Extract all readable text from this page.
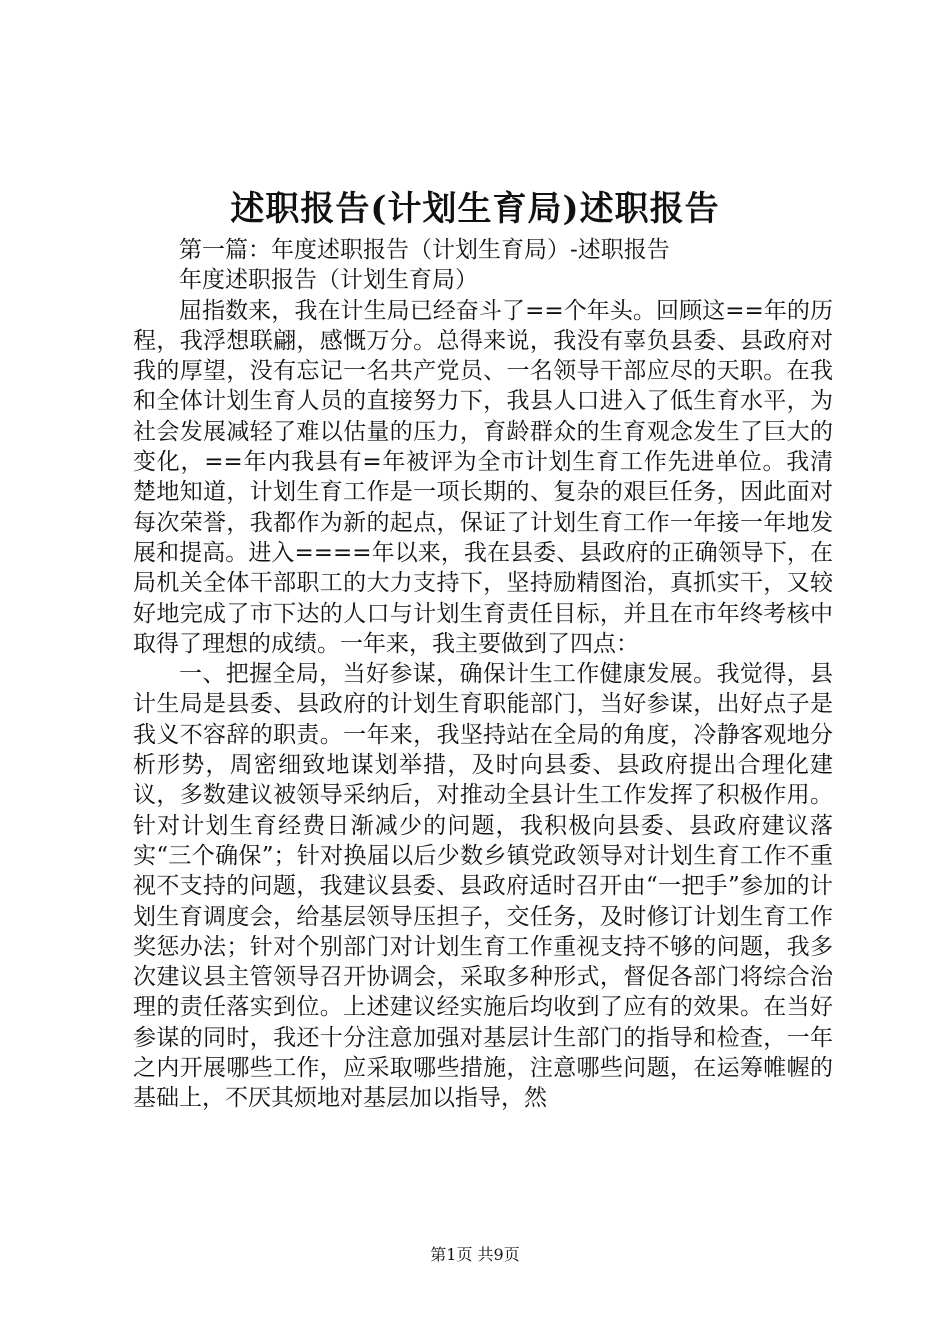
述职报告(计划生育局)述职报告

第一篇：年度述职报告（计划生育局）-述职报告

年度述职报告（计划生育局）

屈指数来，我在计生局已经奋斗了==个年头。回顾这==年的历程，我浮想联翩，感慨万分。总得来说，我没有辜负县委、县政府对我的厚望，没有忘记一名共产党员、一名领导干部应尽的天职。在我和全体计划生育人员的直接努力下，我县人口进入了低生育水平，为社会发展减轻了难以估量的压力，育龄群众的生育观念发生了巨大的变化，==年内我县有=年被评为全市计划生育工作先进单位。我清楚地知道，计划生育工作是一项长期的、复杂的艰巨任务，因此面对每次荣誉，我都作为新的起点，保证了计划生育工作一年接一年地发展和提高。进入====年以来，我在县委、县政府的正确领导下，在局机关全体干部职工的大力支持下，坚持励精图治，真抓实干，又较好地完成了市下达的人口与计划生育责任目标，并且在市年终考核中取得了理想的成绩。一年来，我主要做到了四点：

一、把握全局，当好参谋，确保计生工作健康发展。我觉得，县计生局是县委、县政府的计划生育职能部门，当好参谋，出好点子是我义不容辞的职责。一年来，我坚持站在全局的角度，冷静客观地分析形势，周密细致地谋划举措，及时向县委、县政府提出合理化建议，多数建议被领导采纳后，对推动全县计生工作发挥了积极作用。针对计划生育经费日渐减少的问题，我积极向县委、县政府建议落实“三个确保”；针对换届以后少数乡镇党政领导对计划生育工作不重视不支持的问题，我建议县委、县政府适时召开由“一把手”参加的计划生育调度会，给基层领导压担子，交任务，及时修订计划生育工作奖惩办法；针对个别部门对计划生育工作重视支持不够的问题，我多次建议县主管领导召开协调会，采取多种形式，督促各部门将综合治理的责任落实到位。上述建议经实施后均收到了应有的效果。在当好参谋的同时，我还十分注意加强对基层计生部门的指导和检查，一年之内开展哪些工作，应采取哪些措施，注意哪些问题，在运筹帷幄的基础上，不厌其烦地对基层加以指导，然

第1页 共9页
